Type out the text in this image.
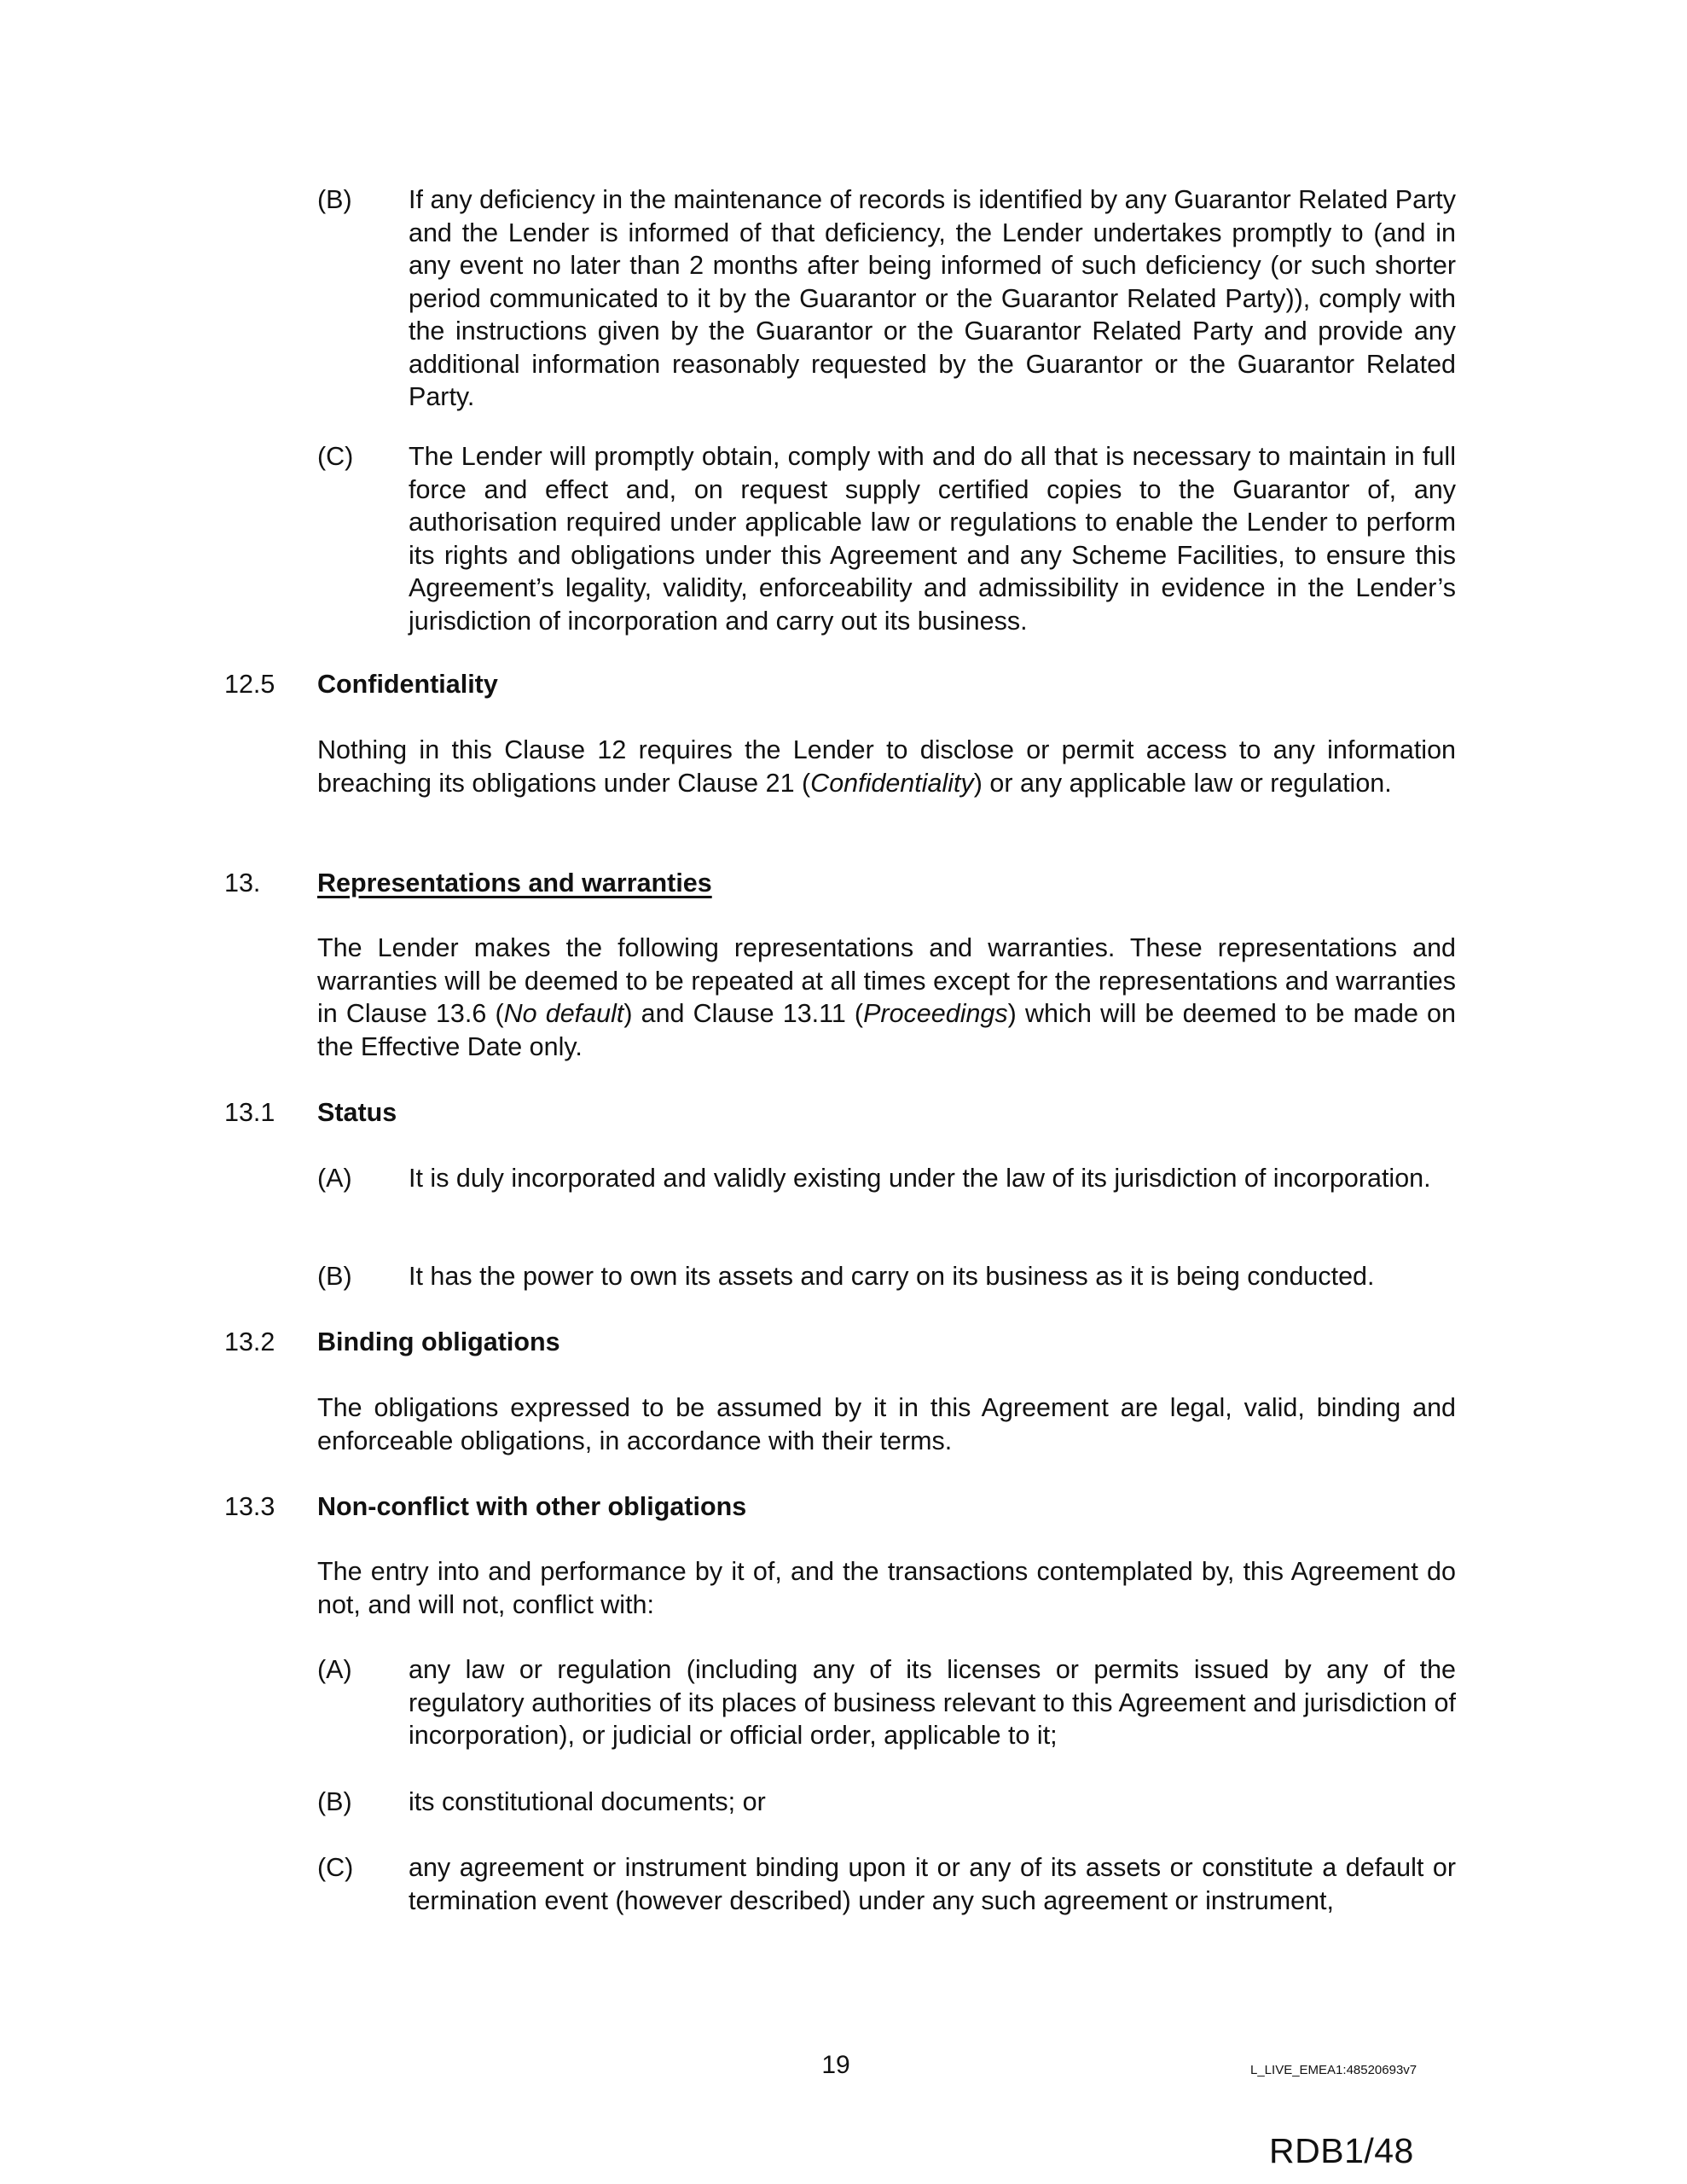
(B) If any deficiency in the maintenance of records is identified by any Guarantor Related Party and the Lender is informed of that deficiency, the Lender undertakes promptly to (and in any event no later than 2 months after being informed of such deficiency (or such shorter period communicated to it by the Guarantor or the Guarantor Related Party)), comply with the instructions given by the Guarantor or the Guarantor Related Party and provide any additional information reasonably requested by the Guarantor or the Guarantor Related Party.
(C) The Lender will promptly obtain, comply with and do all that is necessary to maintain in full force and effect and, on request supply certified copies to the Guarantor of, any authorisation required under applicable law or regulations to enable the Lender to perform its rights and obligations under this Agreement and any Scheme Facilities, to ensure this Agreement’s legality, validity, enforceability and admissibility in evidence in the Lender’s jurisdiction of incorporation and carry out its business.
12.5 Confidentiality
Nothing in this Clause 12 requires the Lender to disclose or permit access to any information breaching its obligations under Clause 21 (Confidentiality) or any applicable law or regulation.
13. Representations and warranties
The Lender makes the following representations and warranties. These representations and warranties will be deemed to be repeated at all times except for the representations and warranties in Clause 13.6 (No default) and Clause 13.11 (Proceedings) which will be deemed to be made on the Effective Date only.
13.1 Status
(A) It is duly incorporated and validly existing under the law of its jurisdiction of incorporation.
(B) It has the power to own its assets and carry on its business as it is being conducted.
13.2 Binding obligations
The obligations expressed to be assumed by it in this Agreement are legal, valid, binding and enforceable obligations, in accordance with their terms.
13.3 Non-conflict with other obligations
The entry into and performance by it of, and the transactions contemplated by, this Agreement do not, and will not, conflict with:
(A) any law or regulation (including any of its licenses or permits issued by any of the regulatory authorities of its places of business relevant to this Agreement and jurisdiction of incorporation), or judicial or official order, applicable to it;
(B) its constitutional documents; or
(C) any agreement or instrument binding upon it or any of its assets or constitute a default or termination event (however described) under any such agreement or instrument,
19	L_LIVE_EMEA1:48520693v7
RDB1/48
